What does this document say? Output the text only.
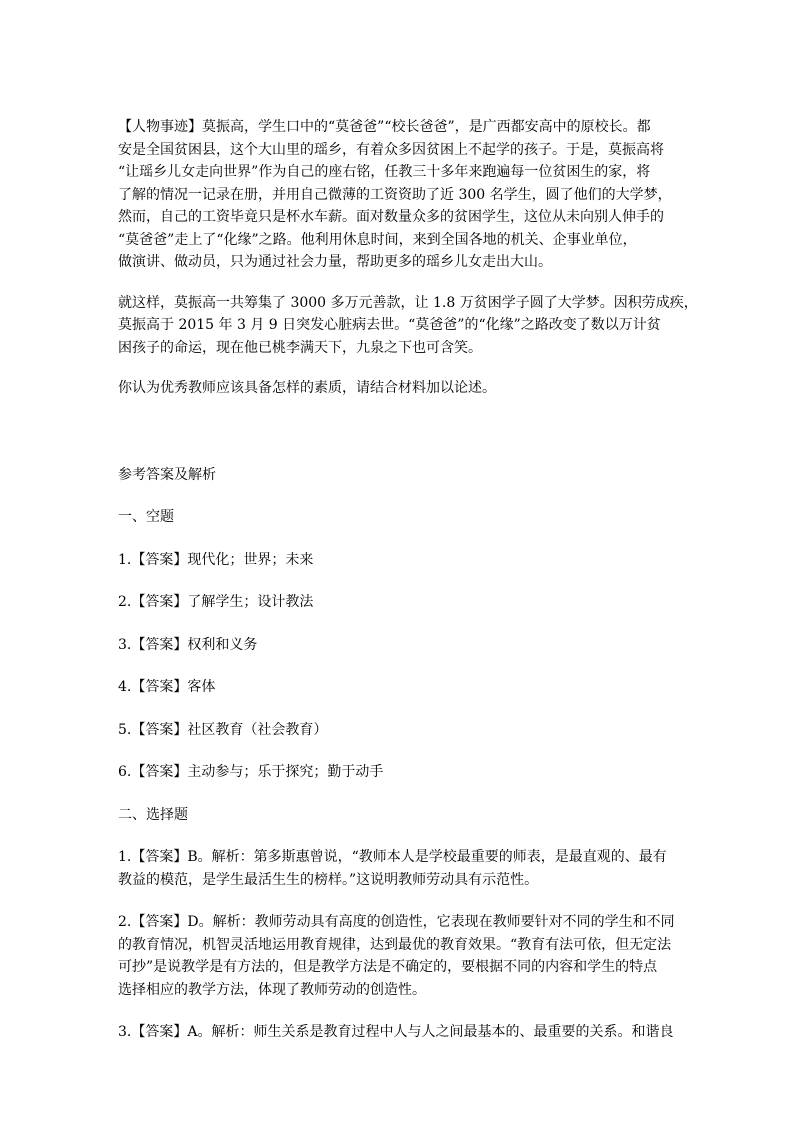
【人物事迹】莫振高，学生口中的“莫爸爸”“校长爸爸”，是广西都安高中的原校长。都
安是全国贫困县，这个大山里的瑶乡，有着众多因贫困上不起学的孩子。于是，莫振高将
“让瑶乡儿女走向世界”作为自己的座右铭，任教三十多年来跑遍每一位贫困生的家，将
了解的情况一记录在册，并用自己微薄的工资资助了近 300 名学生，圆了他们的大学梦，
然而，自己的工资毕竟只是杯水车薪。面对数量众多的贫困学生，这位从未向别人伸手的
“莫爸爸”走上了“化缘”之路。他利用休息时间，来到全国各地的机关、企事业单位，
做演讲、做动员，只为通过社会力量，帮助更多的瑶乡儿女走出大山。
就这样，莫振高一共筹集了 3000 多万元善款，让 1.8 万贫困学子圆了大学梦。因积劳成疾，
莫振高于 2015 年 3 月 9 日突发心脏病去世。“莫爸爸”的“化缘”之路改变了数以万计贫
困孩子的命运，现在他已桃李满天下，九泉之下也可含笑。

你认为优秀教师应该具备怎样的素质，请结合材料加以论述。

参考答案及解析

一、空题

1.【答案】现代化；世界；未来

2.【答案】了解学生；设计教法

3.【答案】权利和义务

4.【答案】客体

5.【答案】社区教育（社会教育）

6.【答案】主动参与；乐于探究；勤于动手

二、选择题

1.【答案】B。解析：第多斯惠曾说，“教师本人是学校最重要的师表，是最直观的、最有
教益的模范，是学生最活生生的榜样。”这说明教师劳动具有示范性。
2.【答案】D。解析：教师劳动具有高度的创造性，它表现在教师要针对不同的学生和不同
的教育情况，机智灵活地运用教育规律，达到最优的教育效果。“教育有法可依，但无定法
可抄”是说教学是有方法的，但是教学方法是不确定的，要根据不同的内容和学生的特点
选择相应的教学方法，体现了教师劳动的创造性。
3.【答案】A。解析：师生关系是教育过程中人与人之间最基本的、最重要的关系。和谐良
